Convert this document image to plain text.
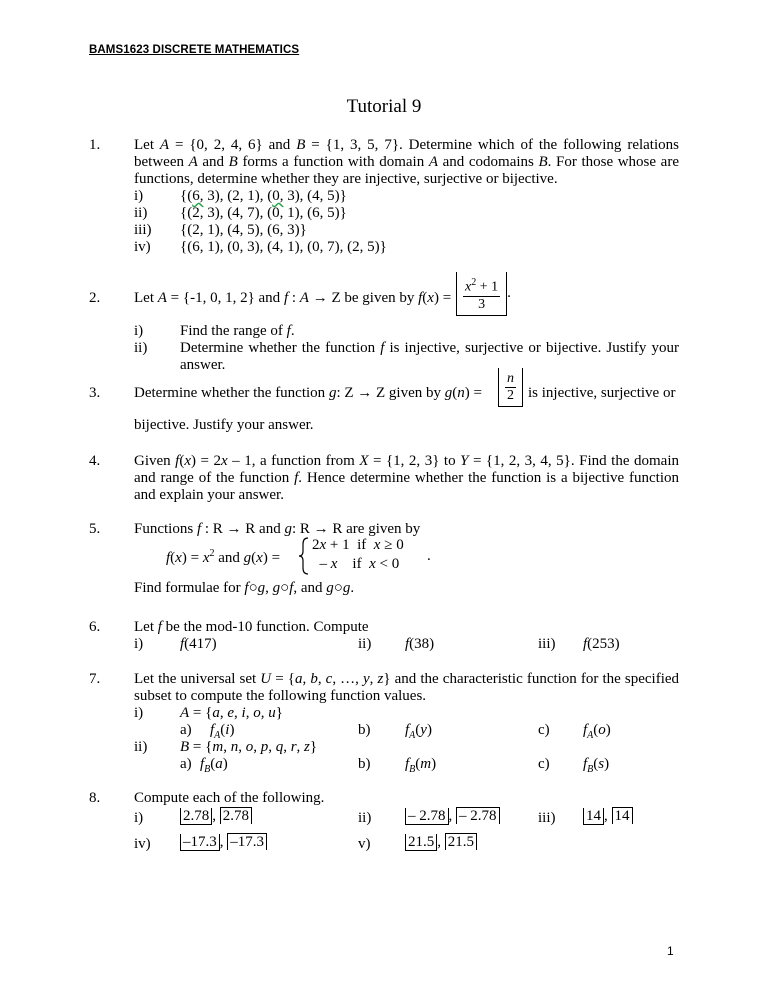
BAMS1623 DISCRETE MATHEMATICS
Tutorial 9
1. Let A = {0, 2, 4, 6} and B = {1, 3, 5, 7}. Determine which of the following relations between A and B forms a function with domain A and codomains B. For those whose are functions, determine whether they are injective, surjective or bijective.
i) {(6, 3), (2, 1), (0, 3), (4, 5)}
ii) {(2, 3), (4, 7), (0, 1), (6, 5)}
iii) {(2, 1), (4, 5), (6, 3)}
iv) {(6, 1), (0, 3), (4, 1), (0, 7), (2, 5)}
2. Let A = {-1, 0, 1, 2} and f : A → Z be given by $f(x) = \frac{x^2 + 1}{3}$ .
i) Find the range of f.
ii) Determine whether the function f is injective, surjective or bijective. Justify your answer.
3. Determine whether the function g: Z → Z given by $g(n) = \frac{n}{2}$ is injective, surjective or
bijective. Justify your answer.
4. Given f(x) = 2x – 1, a function from X = {1, 2, 3} to Y = {1, 2, 3, 4, 5}. Find the domain and range of the function f. Hence determine whether the function is a bijective function and explain your answer.
5. Functions f : R → R and g: R → R are given by
$f(x) = x^2$ and g(x) =
2x + 1  if  x ≥ 0
– x    if  x < 0 .
Find formulae for f○g, g○f, and g○g.
6. Let f be the mod-10 function. Compute
i) f(417)	ii) f(38)	iii) f(253)
7. Let the universal set U = {a, b, c, …, y, z} and the characteristic function for the specified subset to compute the following function values.
i) A = {a, e, i, o, u}
a) $f_A(i)$	b) $f_A(y)$	c) $f_A(o)$
ii) B = {m, n, o, p, q, r, z}
a) $f_B(a)$	b) $f_B(m)$	c) $f_B(s)$
8. Compute each of the following.
i)	2.78 , 2.78	ii) – 2.78 , – 2.78	iii) 14 , 14
iv) –17.3 , –17.3	v)	21.5 , 21.5
1
